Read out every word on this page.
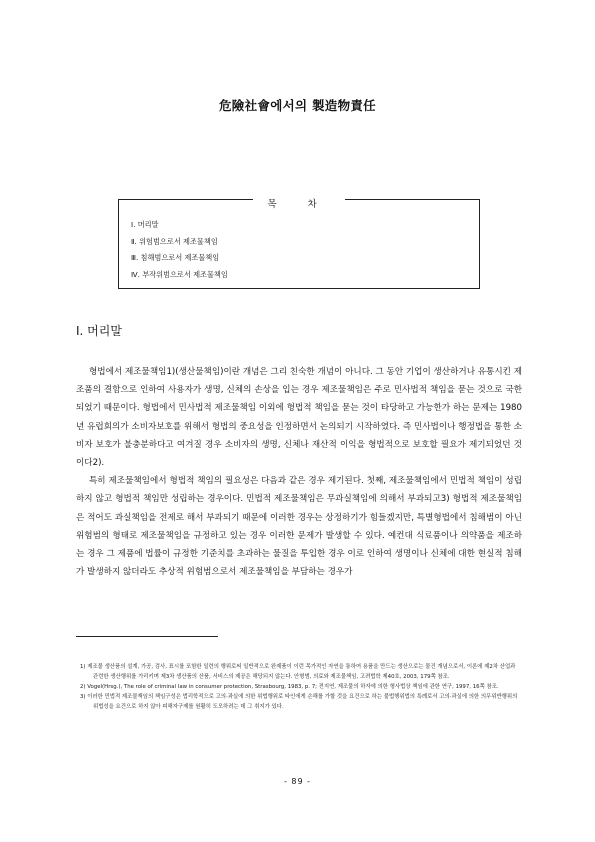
危險社會에서의 製造物責任
목 차
Ⅰ. 머리말
Ⅱ. 위험범으로서 제조물책임
Ⅲ. 침해범으로서 제조물책임
Ⅳ. 부작위범으로서 제조물책임
Ⅰ. 머리말

형법에서 제조물책임1)(생산물책임)이란 개념은 그리 친숙한 개념이 아니다. 그 동안 기업이 생산하거나 유통시킨 제조품의 결함으로 인하여 사용자가 생명, 신체의 손상을 입는 경우 제조물책임은 주로 민사법적 책임을 묻는 것으로 국한되었기 때문이다. 형법에서 민사법적 제조물책임 이외에 형법적 책임을 묻는 것이 타당하고 가능한가 하는 문제는 1980년 유럽회의가 소비자보호를 위해서 형법의 중요성을 인정하면서 논의되기 시작하였다. 즉 민사법이나 행정법을 통한 소비자 보호가 불충분하다고 여겨질 경우 소비자의 생명, 신체나 재산적 이익을 형법적으로 보호할 필요가 제기되었던 것이다2).

특히 제조물책임에서 형법적 책임의 필요성은 다음과 같은 경우 제기된다. 첫째, 제조물책임에서 민법적 책임이 성립하지 않고 형법적 책임만 성립하는 경우이다. 민법적 제조물책임은 무과실책임에 의해서 부과되고3) 형법적 제조물책임은 적어도 과실책임을 전제로 해서 부과되기 때문에 이러한 경우는 상정하기가 힘들겠지만, 특별형법에서 침해범이 아닌 위험범의 형태로 제조물책임을 규정하고 있는 경우 이러한 문제가 발생할 수 있다. 예컨대 식료품이나 의약품을 제조하는 경우 그 제품에 법률이 규정한 기준치를 초과하는 물질을 투입한 경우 이로 인하여 생명이나 신체에 대한 현실적 침해가 발생하지 않더라도 추상적 위험범으로서 제조물책임을 부담하는 경우가

1) 제조물 생산품의 설계, 가공, 검사, 표시를 포함한 일련의 행위로써 일반적으로 완제품이 이런 목가적인 자연을 통하여 용품을 만드는 생산으로는 물건 개념으로서, 이론에 제2차 산업과 관련한 생산행위를 가리키며 제3차 생산품의 산품, 서비스의 제공은 해당되지 않는다. 안형범, 의료와 제조물책임, 고려법학 제40호, 2003, 179쪽 참조.
2) Vogel(Hrsg.), The role of criminal law in consumer protection, Strasbourg, 1983, p. 7; 전지연, 제조물의 하자에 의한 형사법상 책임에 관한 연구, 1997, 16쪽 참조.
3) 이러한 민법적 제조물책임의 책임구성은 법리학적으로 고의·과실에 의한 위법행위로 타인에게 손해를 가할 것을 요건으로 하는 불법행위법의 특례로서 고의·과실에 의한 의무위반행위의 위법성을 요건으로 하지 않아 피해자구제를 원활히 도모하려는 데 그 취지가 있다.
- 89 -
